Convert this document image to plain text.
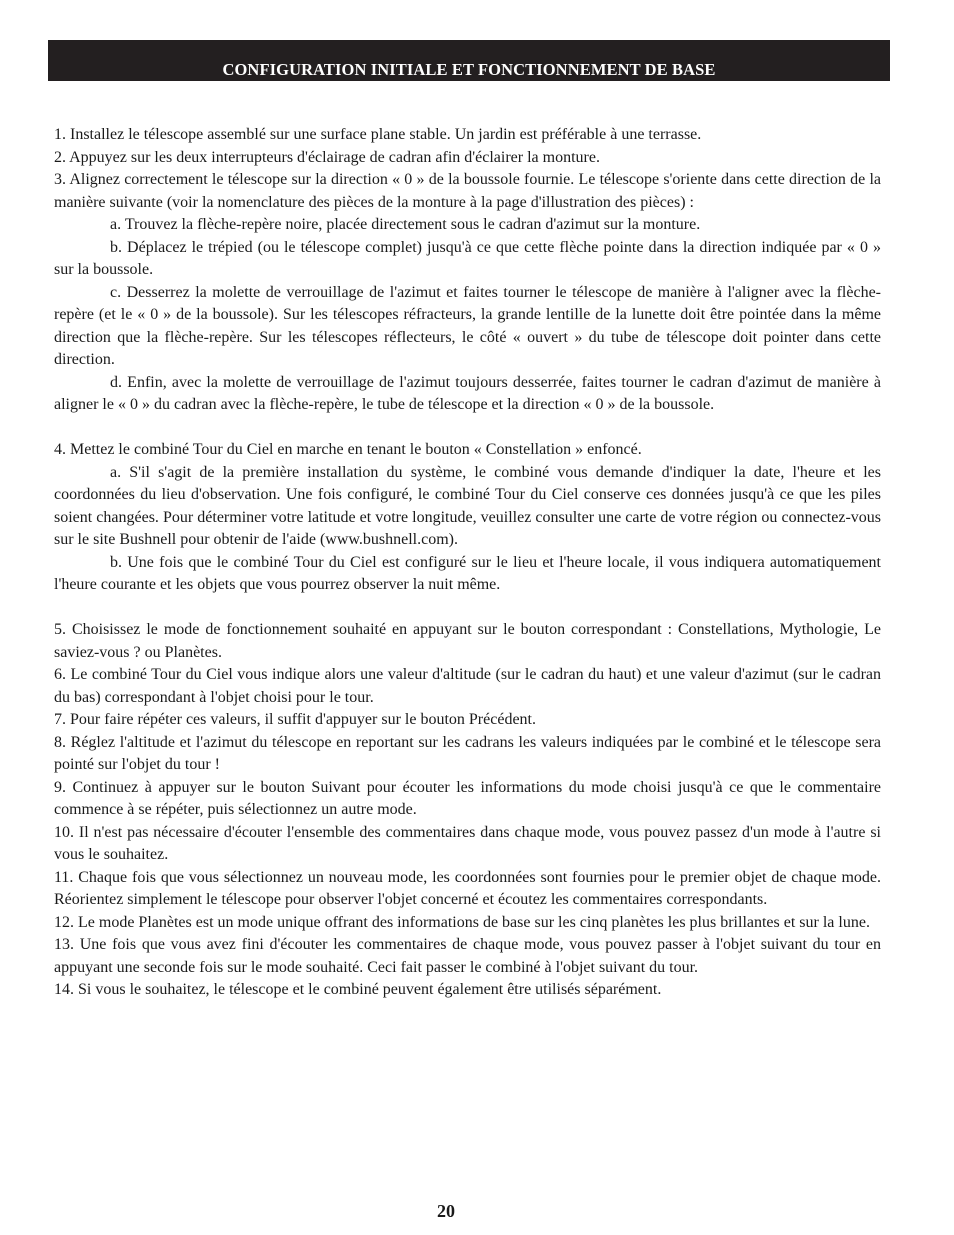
CONFIGURATION INITIALE ET FONCTIONNEMENT DE BASE

1. Installez le télescope assemblé sur une surface plane stable. Un jardin est préférable à une terrasse.

2. Appuyez sur les deux interrupteurs d'éclairage de cadran afin d'éclairer la monture.

3. Alignez correctement le télescope sur la direction « 0 » de la boussole fournie. Le télescope s'oriente dans cette direction de la manière suivante (voir la nomenclature des pièces de la monture à la page d'illustration des pièces) :

a. Trouvez la flèche-repère noire, placée directement sous le cadran d'azimut sur la monture.

b. Déplacez le trépied (ou le télescope complet) jusqu'à ce que cette flèche pointe dans la direction indiquée par « 0 » sur la boussole.

c. Desserrez la molette de verrouillage de l'azimut et faites tourner le télescope de manière à l'aligner avec la flèche-repère (et le « 0 » de la boussole). Sur les télescopes réfracteurs, la grande lentille de la lunette doit être pointée dans la même direction que la flèche-repère. Sur les télescopes réflecteurs, le côté « ouvert » du tube de télescope doit pointer dans cette direction.

d. Enfin, avec la molette de verrouillage de l'azimut toujours desserrée, faites tourner le cadran d'azimut de manière à aligner le « 0 » du cadran avec la flèche-repère, le tube de télescope et la direction « 0 » de la boussole.

4. Mettez le combiné Tour du Ciel en marche en tenant le bouton « Constellation » enfoncé.

a. S'il s'agit de la première installation du système, le combiné vous demande d'indiquer la date, l'heure et les coordonnées du lieu d'observation. Une fois configuré, le combiné Tour du Ciel conserve ces données jusqu'à ce que les piles soient changées. Pour déterminer votre latitude et votre longitude, veuillez consulter une carte de votre région ou connectez-vous sur le site Bushnell pour obtenir de l'aide (www.bushnell.com).

b. Une fois que le combiné Tour du Ciel est configuré sur le lieu et l'heure locale, il vous indiquera automatiquement l'heure courante et les objets que vous pourrez observer la nuit même.

5. Choisissez le mode de fonctionnement souhaité en appuyant sur le bouton correspondant : Constellations, Mythologie, Le saviez-vous ? ou Planètes.

6. Le combiné Tour du Ciel vous indique alors une valeur d'altitude (sur le cadran du haut) et une valeur d'azimut (sur le cadran du bas) correspondant à l'objet choisi pour le tour.

7. Pour faire répéter ces valeurs, il suffit d'appuyer sur le bouton Précédent.

8. Réglez l'altitude et l'azimut du télescope en reportant sur les cadrans les valeurs indiquées par le combiné et le télescope sera pointé sur l'objet du tour !

9. Continuez à appuyer sur le bouton Suivant pour écouter les informations du mode choisi jusqu'à ce que le commentaire commence à se répéter, puis sélectionnez un autre mode.

10. Il n'est pas nécessaire d'écouter l'ensemble des commentaires dans chaque mode, vous pouvez passez d'un mode à l'autre si vous le souhaitez.

11. Chaque fois que vous sélectionnez un nouveau mode, les coordonnées sont fournies pour le premier objet de chaque mode. Réorientez simplement le télescope pour observer l'objet concerné et écoutez les commentaires correspondants.

12. Le mode Planètes est un mode unique offrant des informations de base sur les cinq planètes les plus brillantes et sur la lune.

13. Une fois que vous avez fini d'écouter les commentaires de chaque mode, vous pouvez passer à l'objet suivant du tour en appuyant une seconde fois sur le mode souhaité. Ceci fait passer le combiné à l'objet suivant du tour.

14. Si vous le souhaitez, le télescope et le combiné peuvent également être utilisés séparément.

20
